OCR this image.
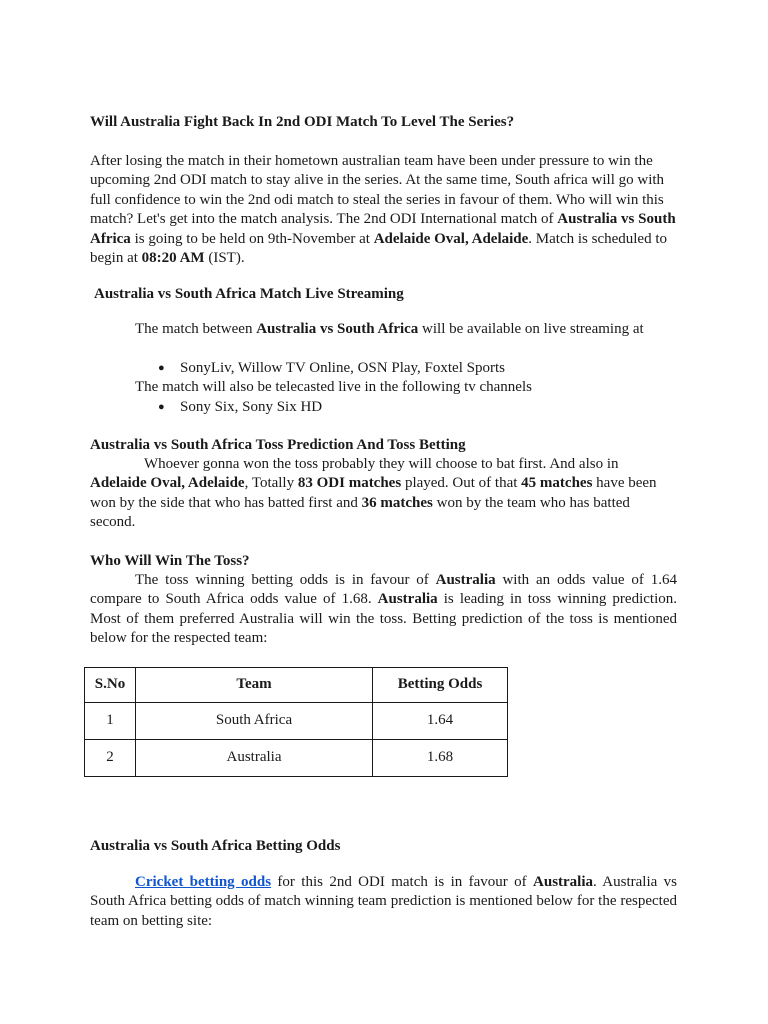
Will Australia Fight Back In 2nd ODI Match To Level The Series?

After losing the match in their hometown australian team have been under pressure to win the upcoming 2nd ODI match to stay alive in the series. At the same time, South africa will go with full confidence to win the 2nd odi match to steal the series in favour of them. Who will win this match? Let's get into the match analysis. The 2nd ODI International match of Australia vs South Africa is going to be held on 9th-November at Adelaide Oval, Adelaide. Match is scheduled to begin at 08:20 AM (IST).

Australia vs South Africa Match Live Streaming

The match between Australia vs South Africa will be available on live streaming at

● SonyLiv, Willow TV Online, OSN Play, Foxtel Sports

The match will also be telecasted live in the following tv channels

● Sony Six, Sony Six HD

Australia vs South Africa Toss Prediction And Toss Betting

Whoever gonna won the toss probably they will choose to bat first. And also in Adelaide Oval, Adelaide, Totally 83 ODI matches played. Out of that 45 matches have been won by the side that who has batted first and 36 matches won by the team who has batted second.

Who Will Win The Toss?

The toss winning betting odds is in favour of Australia with an odds value of 1.64 compare to South Africa odds value of 1.68. Australia is leading in toss winning prediction. Most of them preferred Australia will win the toss. Betting prediction of the toss is mentioned below for the respected team:

S.No	Team	Betting Odds
1	South Africa	1.64
2	Australia	1.68

Australia vs South Africa Betting Odds

Cricket betting odds for this 2nd ODI match is in favour of Australia. Australia vs South Africa betting odds of match winning team prediction is mentioned below for the respected team on betting site:
